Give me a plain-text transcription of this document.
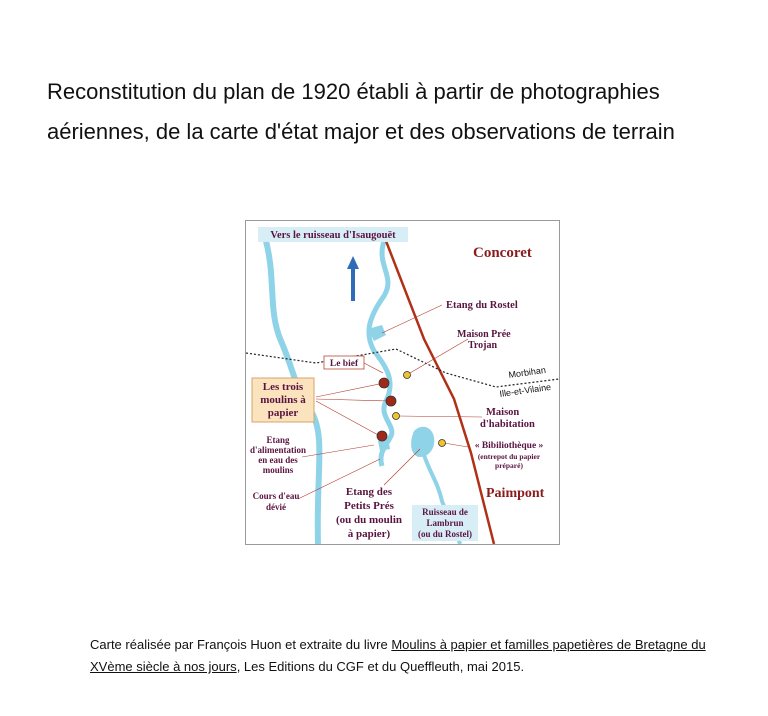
Reconstitution du plan de 1920 établi à partir de photographies
aériennes, de la carte d'état major et des observations de terrain
Vers le ruisseau d'Isaugouët
Concoret
Etang du Rostel
Maison Prée
Trojan
Le bief
Morbihan
Ille-et-Vilaine
Les trois
moulins à
papier	Maison
d'habitation
Etang
d'alimentation
en eau des
moulins
« Bibiliothèque »
(entrepot du papier
préparé)
Paimpont
Cours d'eau
dévié
Etang des
Petits Prés
(ou du moulin
à papier)
Ruisseau de
Lambrun
(ou du Rostel)
Carte réalisée par François Huon et extraite du livre Moulins à papier et familles papetières de Bretagne du XVème siècle à nos jours, Les Editions du CGF et du Queffleuth, mai 2015.
